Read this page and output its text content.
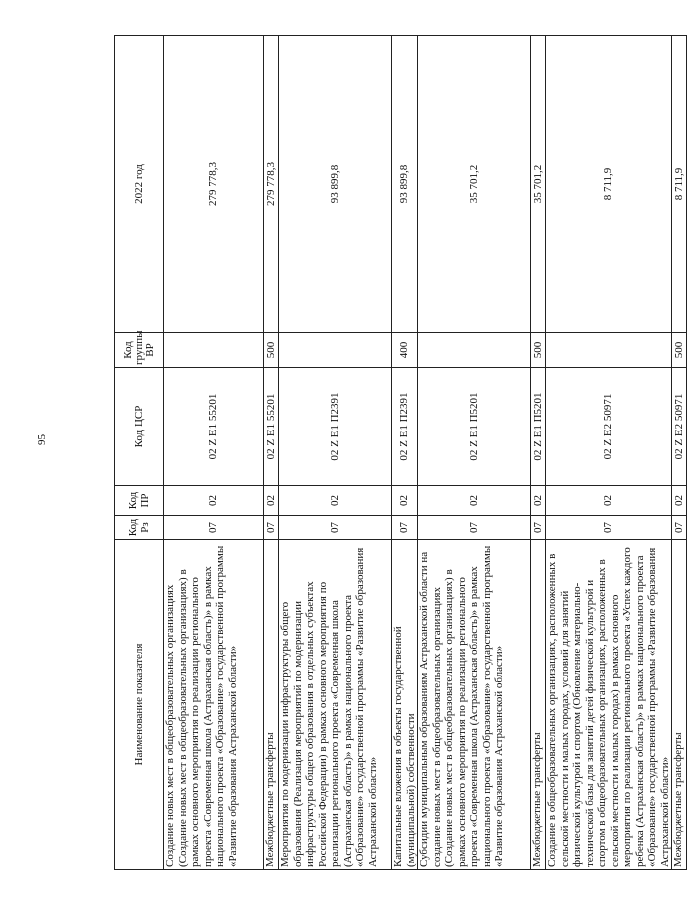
95
Наименование показателя	Код Рз	Код ПР	Код ЦСР	Код группы ВР	2022 год
Создание новых мест в общеобразовательных организациях (Создание новых мест в общеобразовательных организациях) в рамках основного мероприятия по реализации регионального проекта «Современная школа (Астраханская область)» в рамках национального проекта «Образование» государственной программы «Развитие образования Астраханской области»	07	02	02 Z E1 55201		279 778,3
Межбюджетные трансферты	07	02	02 Z E1 55201	500	279 778,3
Мероприятия по модернизации инфраструктуры общего образования (Реализация мероприятий по модернизации инфраструктуры общего образования в отдельных субъектах Российской Федерации) в рамках основного мероприятия по реализации регионального проекта «Современная школа (Астраханская область)» в рамках национального проекта «Образование» государственной программы «Развитие образования Астраханской области»	07	02	02 Z E1 П2391		93 899,8
Капитальные вложения в объекты государственной (муниципальной) собственности	07	02	02 Z E1 П2391	400	93 899,8
Субсидии муниципальным образованиям Астраханской области на создание новых мест в общеобразовательных организациях (Создание новых мест в общеобразовательных организациях) в рамках основного мероприятия по реализации регионального проекта «Современная школа (Астраханская область)» в рамках национального проекта «Образование» государственной программы «Развитие образования Астраханской области»	07	02	02 Z E1 П5201		35 701,2
Межбюджетные трансферты	07	02	02 Z E1 П5201	500	35 701,2
Создание в общеобразовательных организациях, расположенных в сельской местности и малых городах, условий для занятий физической культурой и спортом (Обновление материально-технической базы для занятий детей физической культурой и спортом в общеобразовательных организациях, расположенных в сельской местности и малых городах) в рамках основного мероприятия по реализации регионального проекта «Успех каждого ребенка (Астраханская область)» в рамках национального проекта «Образование» государственной программы «Развитие образования Астраханской области»	07	02	02 Z E2 50971		8 711,9
Межбюджетные трансферты	07	02	02 Z E2 50971	500	8 711,9
